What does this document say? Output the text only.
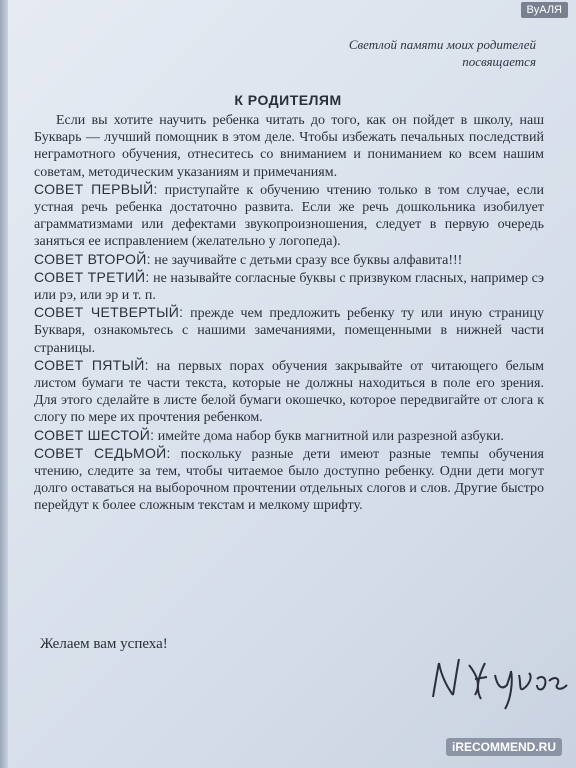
ВуАЛЯ
Светлой памяти моих родителей
посвящается
К РОДИТЕЛЯМ

Если вы хотите научить ребенка читать до того, как он пойдет в школу, наш Букварь — лучший помощник в этом деле. Чтобы избежать печальных последствий неграмотного обучения, отнеситесь со вниманием и пониманием ко всем нашим советам, методическим указаниям и примечаниям.

СОВЕТ ПЕРВЫЙ: приступайте к обучению чтению только в том случае, если устная речь ребенка достаточно развита. Если же речь дошкольника изобилует аграмматизмами или дефектами звукопроизношения, следует в первую очередь заняться ее исправлением (желательно у логопеда).

СОВЕТ ВТОРОЙ: не заучивайте с детьми сразу все буквы алфавита!!!

СОВЕТ ТРЕТИЙ: не называйте согласные буквы с призвуком гласных, например сэ или рэ, или эр и т. п.

СОВЕТ ЧЕТВЕРТЫЙ: прежде чем предложить ребенку ту или иную страницу Букваря, ознакомьтесь с нашими замечаниями, помещенными в нижней части страницы.

СОВЕТ ПЯТЫЙ: на первых порах обучения закрывайте от читающего белым листом бумаги те части текста, которые не должны находиться в поле его зрения. Для этого сделайте в листе белой бумаги окошечко, которое передвигайте от слога к слогу по мере их прочтения ребенком.

СОВЕТ ШЕСТОЙ: имейте дома набор букв магнитной или разрезной азбуки.

СОВЕТ СЕДЬМОЙ: поскольку разные дети имеют разные темпы обучения чтению, следите за тем, чтобы читаемое было доступно ребенку. Одни дети могут долго оставаться на выборочном прочтении отдельных слогов и слов. Другие быстро перейдут к более сложным текстам и мелкому шрифту.

Желаем вам успеха!
iRECOMMEND.RU
